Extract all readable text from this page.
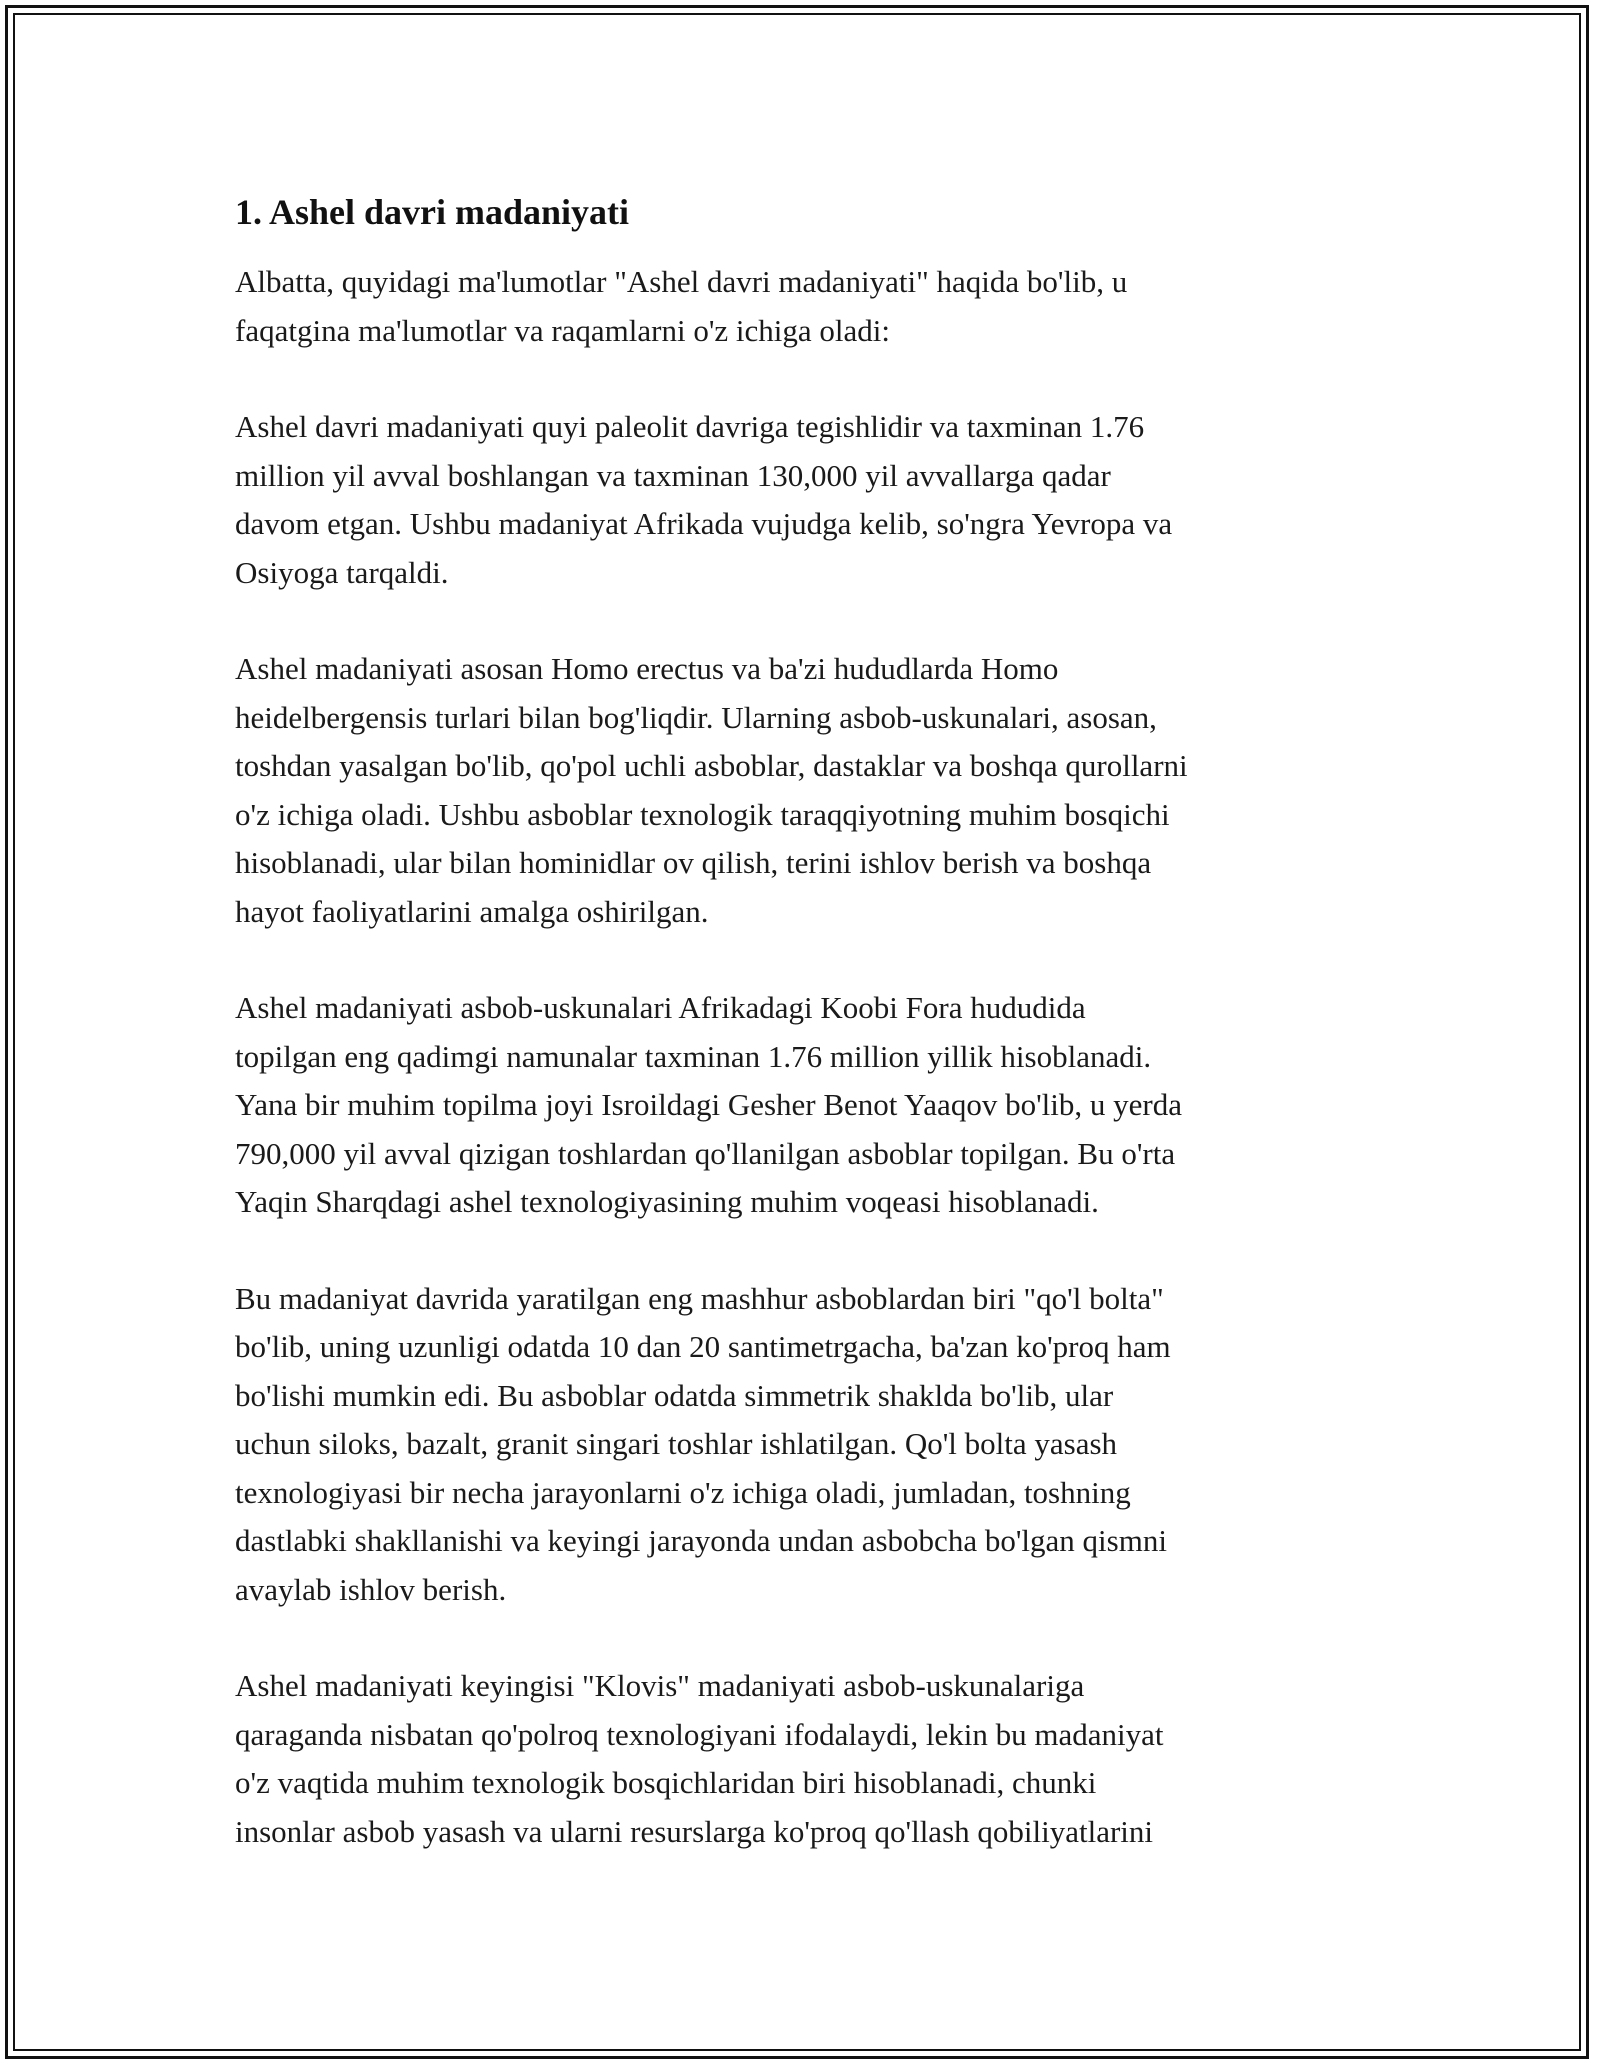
1. Ashel davri madaniyati

Albatta, quyidagi ma'lumotlar "Ashel davri madaniyati" haqida bo'lib, u
faqatgina ma'lumotlar va raqamlarni o'z ichiga oladi:

Ashel davri madaniyati quyi paleolit davriga tegishlidir va taxminan 1.76
million yil avval boshlangan va taxminan 130,000 yil avvallarga qadar
davom etgan. Ushbu madaniyat Afrikada vujudga kelib, so'ngra Yevropa va
Osiyoga tarqaldi.

Ashel madaniyati asosan Homo erectus va ba'zi hududlarda Homo
heidelbergensis turlari bilan bog'liqdir. Ularning asbob-uskunalari, asosan,
toshdan yasalgan bo'lib, qo'pol uchli asboblar, dastaklar va boshqa qurollarni
o'z ichiga oladi. Ushbu asboblar texnologik taraqqiyotning muhim bosqichi
hisoblanadi, ular bilan hominidlar ov qilish, terini ishlov berish va boshqa
hayot faoliyatlarini amalga oshirilgan.

Ashel madaniyati asbob-uskunalari Afrikadagi Koobi Fora hududida
topilgan eng qadimgi namunalar taxminan 1.76 million yillik hisoblanadi.
Yana bir muhim topilma joyi Isroildagi Gesher Benot Yaaqov bo'lib, u yerda
790,000 yil avval qizigan toshlardan qo'llanilgan asboblar topilgan. Bu o'rta
Yaqin Sharqdagi ashel texnologiyasining muhim voqeasi hisoblanadi.

Bu madaniyat davrida yaratilgan eng mashhur asboblardan biri "qo'l bolta"
bo'lib, uning uzunligi odatda 10 dan 20 santimetrgacha, ba'zan ko'proq ham
bo'lishi mumkin edi. Bu asboblar odatda simmetrik shaklda bo'lib, ular
uchun siloks, bazalt, granit singari toshlar ishlatilgan. Qo'l bolta yasash
texnologiyasi bir necha jarayonlarni o'z ichiga oladi, jumladan, toshning
dastlabki shakllanishi va keyingi jarayonda undan asbobcha bo'lgan qismni
avaylab ishlov berish.

Ashel madaniyati keyingisi "Klovis" madaniyati asbob-uskunalariga
qaraganda nisbatan qo'polroq texnologiyani ifodalaydi, lekin bu madaniyat
o'z vaqtida muhim texnologik bosqichlaridan biri hisoblanadi, chunki
insonlar asbob yasash va ularni resurslarga ko'proq qo'llash qobiliyatlarini
